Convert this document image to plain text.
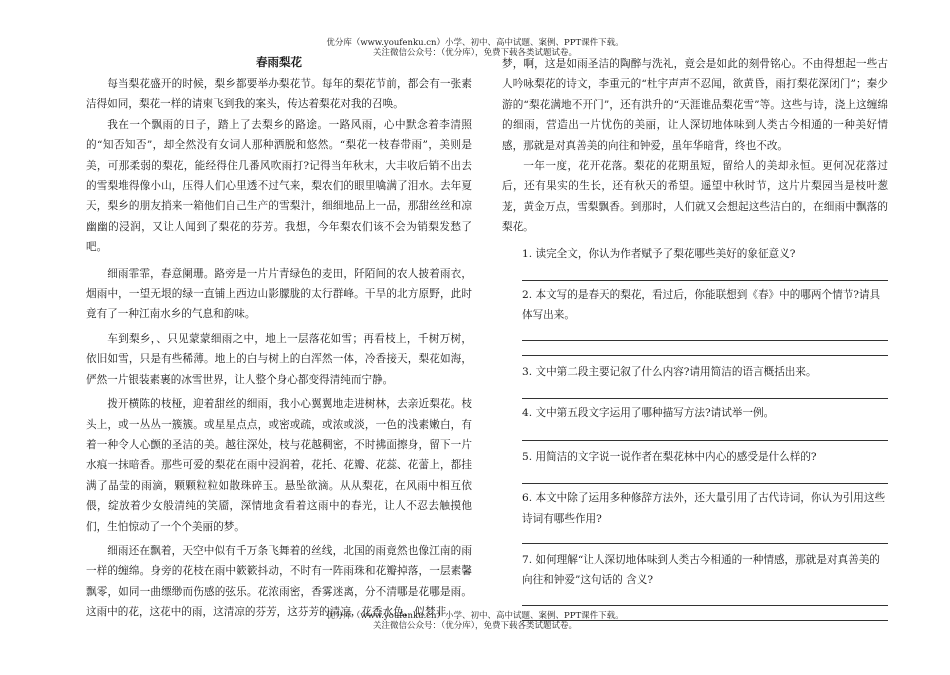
优分库（www.youfenku.cn）小学、初中、高中试题、案例、PPT课件下载。
关注微信公众号：（优分库），免费下载各类试题试卷。
春雨梨花

每当梨花盛开的时候，梨乡都要举办梨花节。每年的梨花节前，都会有一张素洁得如同，梨花一样的请柬飞到我的案头，传达着梨花对我的召唤。

我在一个飘雨的日子，踏上了去梨乡的路途。一路风雨，心中默念着李清照的“知否知否”，却全然没有女词人那种洒脱和悠然。“梨花一枝春带雨”，美则是美，可那柔弱的梨花，能经得住几番风吹雨打?记得当年秋末，大丰收后销不出去的雪梨堆得像小山，压得人们心里透不过气来，梨农们的眼里噙满了泪水。去年夏天，梨乡的朋友捎来一箱他们自己生产的雪梨汁，细细地品上一品，那甜丝丝和凉幽幽的浸润，又让人闻到了梨花的芬芳。我想，今年梨农们该不会为销梨发愁了吧。

细雨霏霏，春意阑珊。路旁是一片片青绿色的麦田，阡陌间的农人披着雨衣，烟雨中，一望无垠的绿一直铺上西边山影朦胧的太行群峰。干旱的北方原野，此时竟有了一种江南水乡的气息和韵味。

车到梨乡，、只见蒙蒙细雨之中，地上一层落花如雪；再看枝上，千树万树，依旧如雪，只是有些稀薄。地上的白与树上的白浑然一体，冷香接天，梨花如海，俨然一片银装素裹的冰雪世界，让人整个身心都变得清纯而宁静。

拨开横陈的枝桠，迎着甜丝的细雨，我小心翼翼地走进树林，去亲近梨花。枝头上，或一丛丛一簇簇。或星星点点，或密或疏，或浓或淡，一色的浅素嫩白，有着一种令人心颤的圣洁的美。越往深处，枝与花越稠密，不时拂面擦身，留下一片水痕一抹暗香。那些可爱的梨花在雨中浸润着，花托、花瓣、花蕊、花蕾上，都挂满了晶莹的雨滴，颗颗粒粒如散珠碎玉。悬坠欲滴。从从梨花，在风雨中相互依偎，绽放着少女般清纯的笑靥，深情地贪看着这雨中的春光，让人不忍去触摸他们，生怕惊动了一个个美丽的梦。

细雨还在飘着，天空中似有千万条飞舞着的丝线，北国的雨竟然也像江南的雨一样的缠绵。身旁的花枝在雨中簌簌抖动，不时有一阵雨珠和花瓣掉落，一层素馨飘零，如同一曲缥缈而伤感的弦乐。花浓雨密，香雾迷离，分不清哪是花哪是雨。这雨中的花，这花中的雨，这清凉的芬芳，这芬芳的清凉，花香水色，似梦非

梦，啊，这是如雨圣洁的陶醉与洗礼，竟会是如此的刻骨铭心。不由得想起一些古人吟咏梨花的诗文，李重元的“杜宇声声不忍闻，欲黄昏，雨打梨花深闭门”；秦少游的“梨花满地不开门”，还有洪升的“天涯谁品梨花雪”等。这些与诗，浇上这缠绵的细雨，营造出一片忧伤的美丽，让人深切地体味到人类古今相通的一种美好情感，那就是对真善美的向往和钟爱，虽年华暗背，终也不改。

一年一度，花开花落。梨花的花期虽短，留给人的美却永恒。更何况花落过后，还有果实的生长，还有秋天的希望。遥望中秋时节，这片片梨园当是枝叶葱茏，黄金万点，雪梨飘香。到那时，人们就又会想起这些洁白的，在细雨中飘落的梨花。

1. 读完全文，你认为作者赋予了梨花哪些美好的象征意义?
2. 本文写的是春天的梨花，看过后，你能联想到《春》中的哪两个情节?请具体写出来。
3. 文中第二段主要记叙了什么内容?请用简洁的语言概括出来。
4. 文中第五段文字运用了哪种描写方法?请试举一例。
5. 用简洁的文字说一说作者在梨花林中内心的感受是什么样的?
6. 本文中除了运用多种修辞方法外，还大量引用了古代诗词，你认为引用这些诗词有哪些作用?
7. 如何理解“让人深切地体味到人类古今相通的一种情感，那就是对真善美的向往和钟爱”这句话的 含义?
优分库（www.youfenku.cn）小学、初中、高中试题、案例、PPT课件下载。
关注微信公众号：（优分库），免费下载各类试题试卷。
